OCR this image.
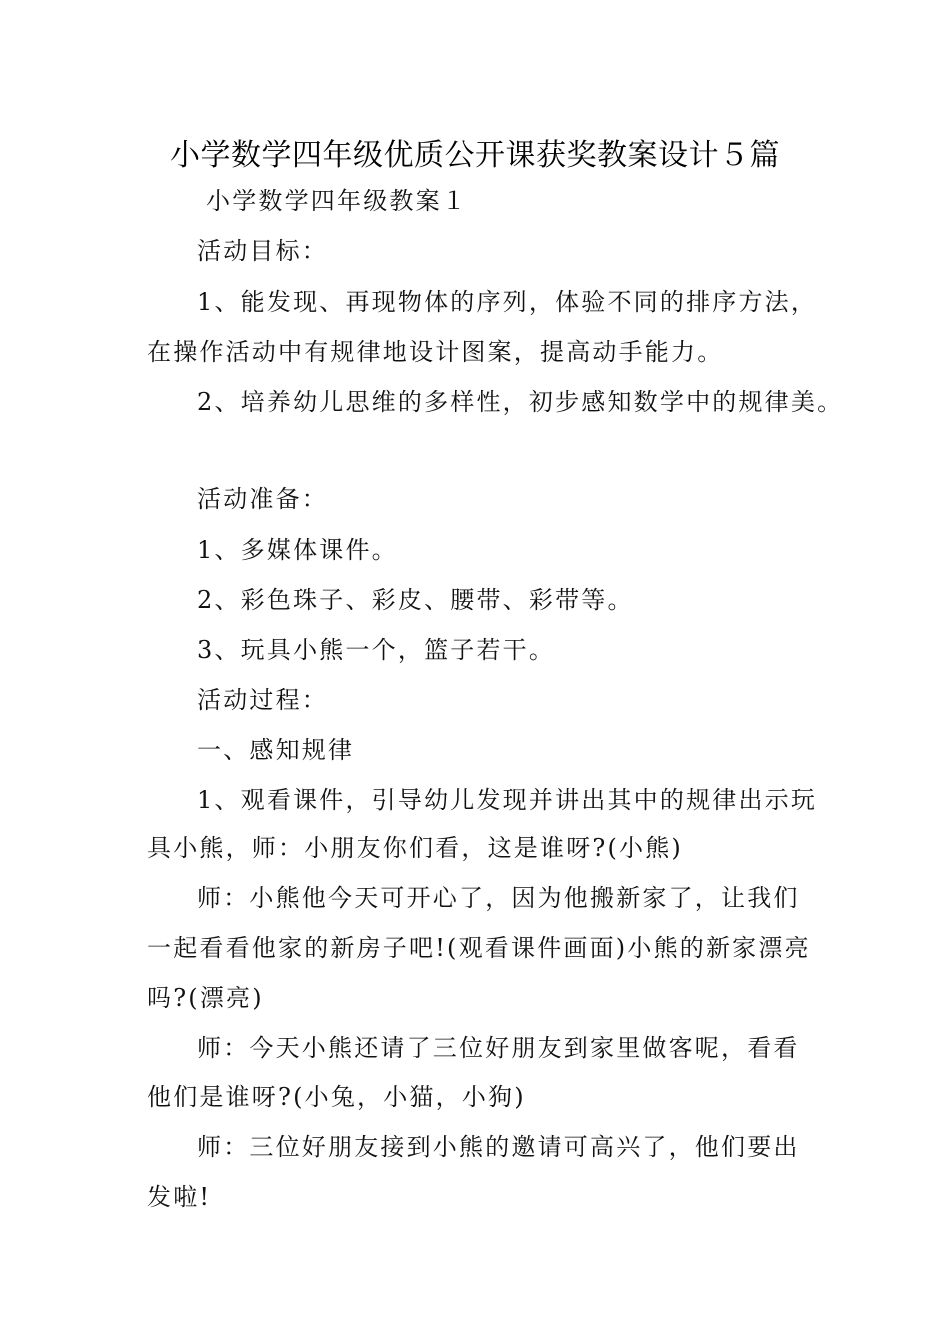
小学数学四年级优质公开课获奖教案设计５篇
小学数学四年级教案１
活动目标：
1、能发现、再现物体的序列，体验不同的排序方法，
在操作活动中有规律地设计图案，提高动手能力。
2、培养幼儿思维的多样性，初步感知数学中的规律美。
活动准备：
1、多媒体课件。
2、彩色珠子、彩皮、腰带、彩带等。
3、玩具小熊一个，篮子若干。
活动过程：
一、感知规律
1、观看课件，引导幼儿发现并讲出其中的规律出示玩
具小熊，师：小朋友你们看，这是谁呀?(小熊)
师：小熊他今天可开心了，因为他搬新家了，让我们
一起看看他家的新房子吧!(观看课件画面)小熊的新家漂亮
吗?(漂亮)
师：今天小熊还请了三位好朋友到家里做客呢，看看
他们是谁呀?(小兔，小猫，小狗)
师：三位好朋友接到小熊的邀请可高兴了，他们要出
发啦!
